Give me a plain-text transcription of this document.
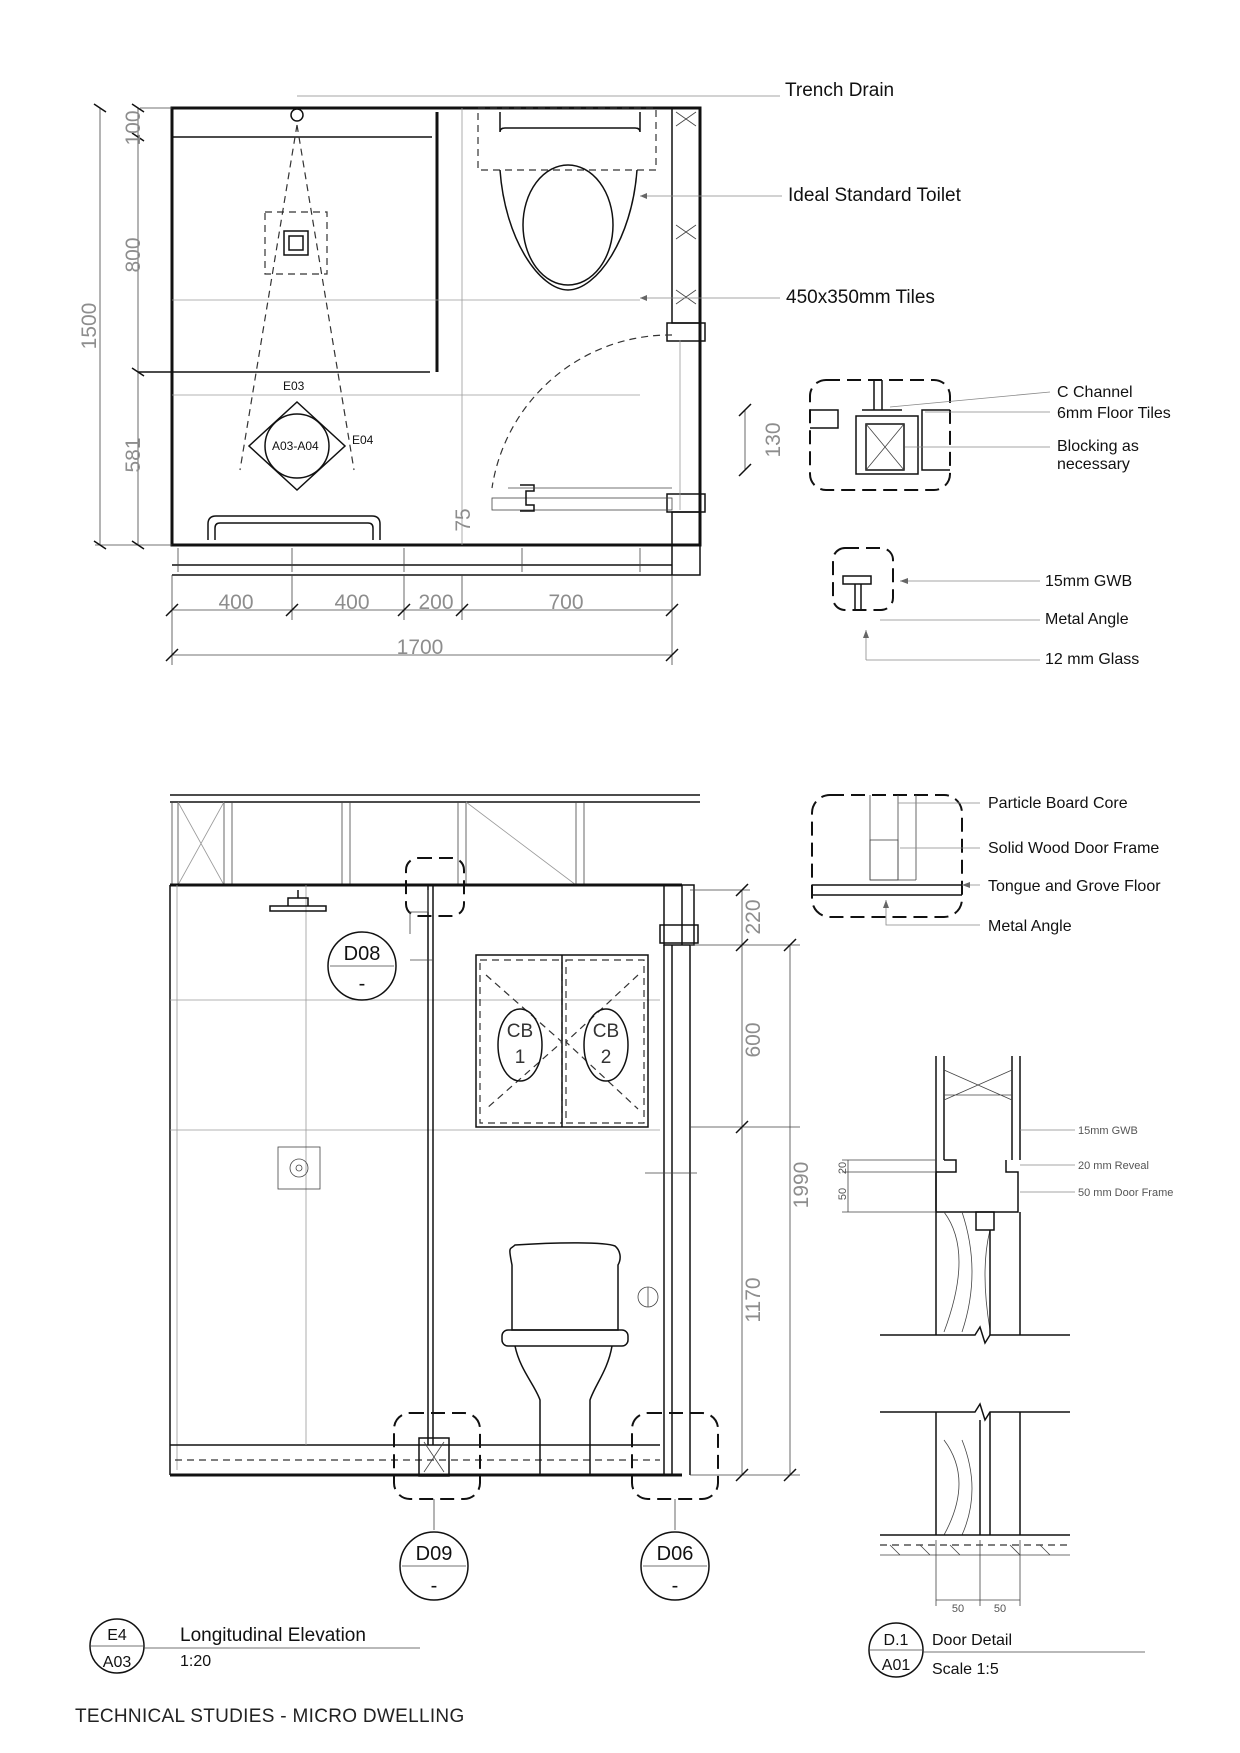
E03
E04
A03-A04
100
800
1500
581
75
400	400 200	700
1700
Trench Drain
Ideal Standard Toilet
450x350mm Tiles
C Channel
6mm Floor Tiles
Blocking as
necessary
130
15mm GWB
Metal Angle
12 mm Glass
CB
1
CB
2
D08
-
D09
-
D06
-
220
600
1990
1170
Particle Board Core
Solid Wood Door Frame
Tongue and Grove Floor
Metal Angle
15mm GWB
20 mm Reveal
50 mm Door Frame
20
50
50	50
E4
A03
Longitudinal Elevation
1:20
D.1
A01
Door Detail
Scale 1:5
TECHNICAL STUDIES - MICRO DWELLING
